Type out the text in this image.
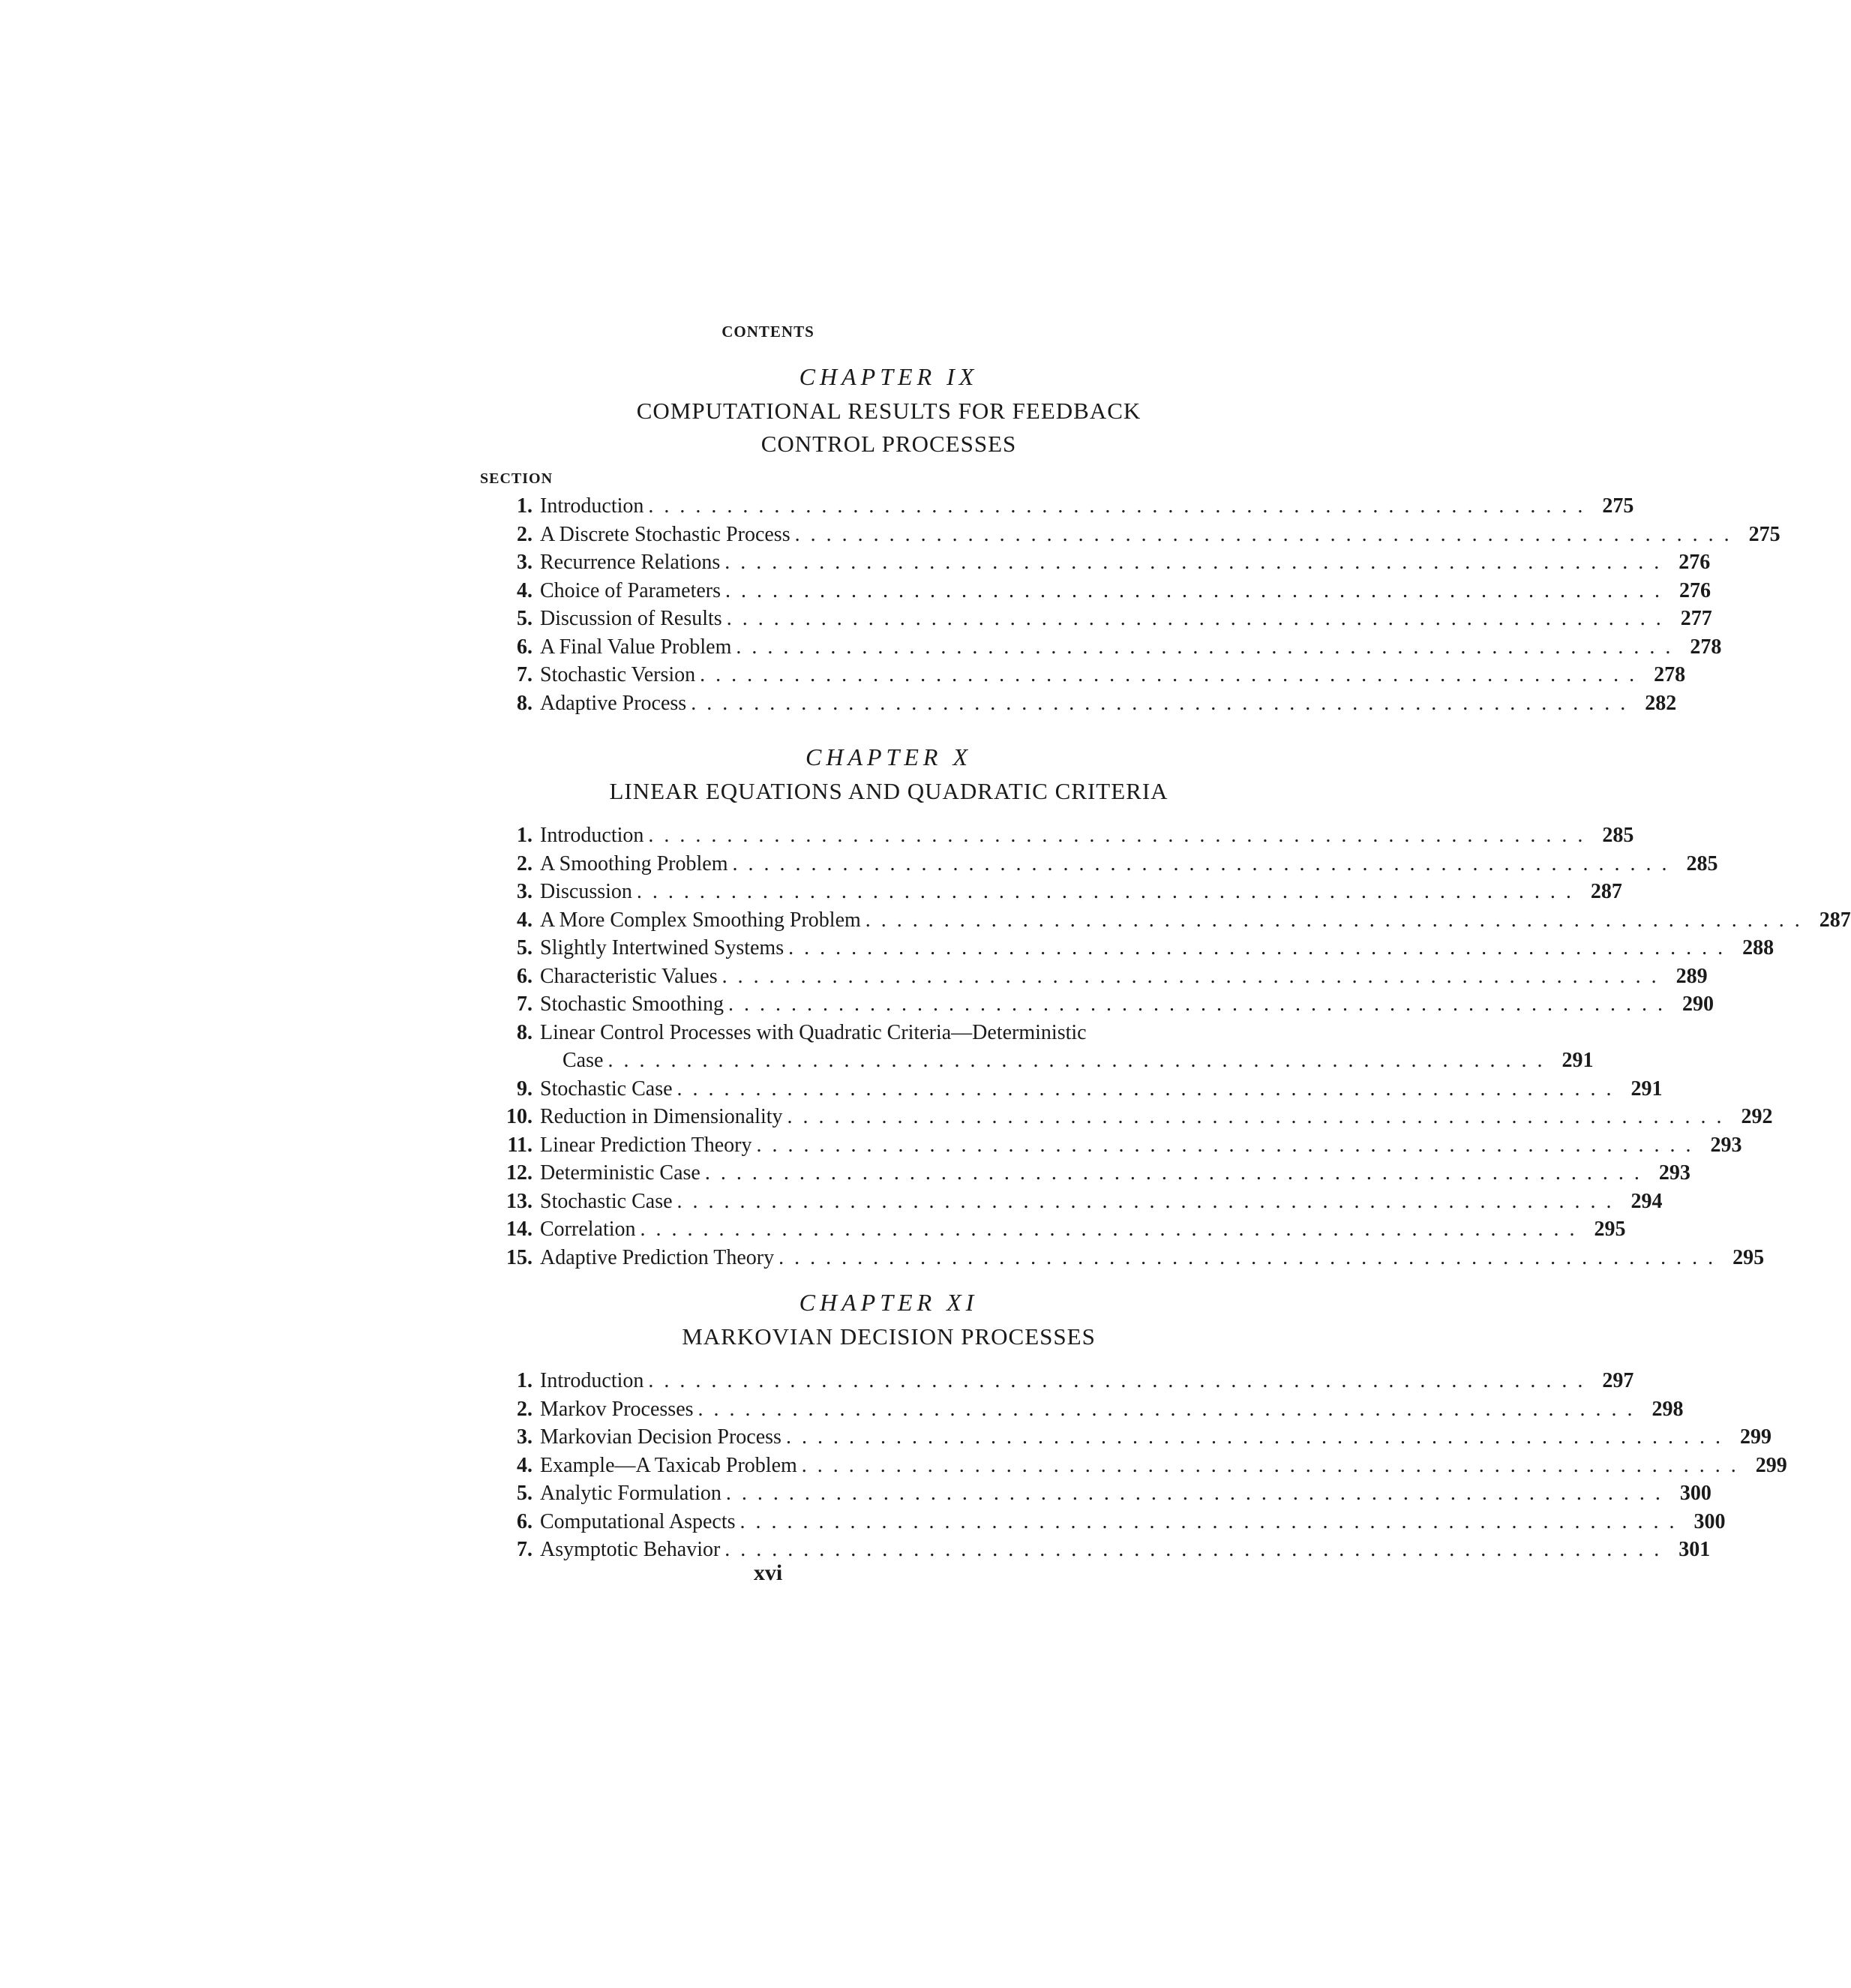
CONTENTS
CHAPTER IX
COMPUTATIONAL RESULTS FOR FEEDBACK
CONTROL PROCESSES
SECTION
1. Introduction ............................................................ 275
2. A Discrete Stochastic Process ............................................................ 275
3. Recurrence Relations ............................................................ 276
4. Choice of Parameters ............................................................ 276
5. Discussion of Results ............................................................ 277
6. A Final Value Problem ............................................................ 278
7. Stochastic Version ............................................................ 278
8. Adaptive Process ............................................................ 282
CHAPTER X
LINEAR EQUATIONS AND QUADRATIC CRITERIA
1. Introduction ............................................................ 285
2. A Smoothing Problem ............................................................ 285
3. Discussion ............................................................ 287
4. A More Complex Smoothing Problem ............................................................ 287
5. Slightly Intertwined Systems ............................................................ 288
6. Characteristic Values ............................................................ 289
7. Stochastic Smoothing ............................................................ 290
8. Linear Control Processes with Quadratic Criteria—Deterministic
Case ............................................................ 291
9. Stochastic Case ............................................................ 291
10. Reduction in Dimensionality ............................................................ 292
11. Linear Prediction Theory ............................................................ 293
12. Deterministic Case ............................................................ 293
13. Stochastic Case ............................................................ 294
14. Correlation ............................................................ 295
15. Adaptive Prediction Theory ............................................................ 295
CHAPTER XI
MARKOVIAN DECISION PROCESSES
1. Introduction ............................................................ 297
2. Markov Processes ............................................................ 298
3. Markovian Decision Process ............................................................ 299
4. Example—A Taxicab Problem ............................................................ 299
5. Analytic Formulation ............................................................ 300
6. Computational Aspects ............................................................ 300
7. Asymptotic Behavior ............................................................ 301
xvi
